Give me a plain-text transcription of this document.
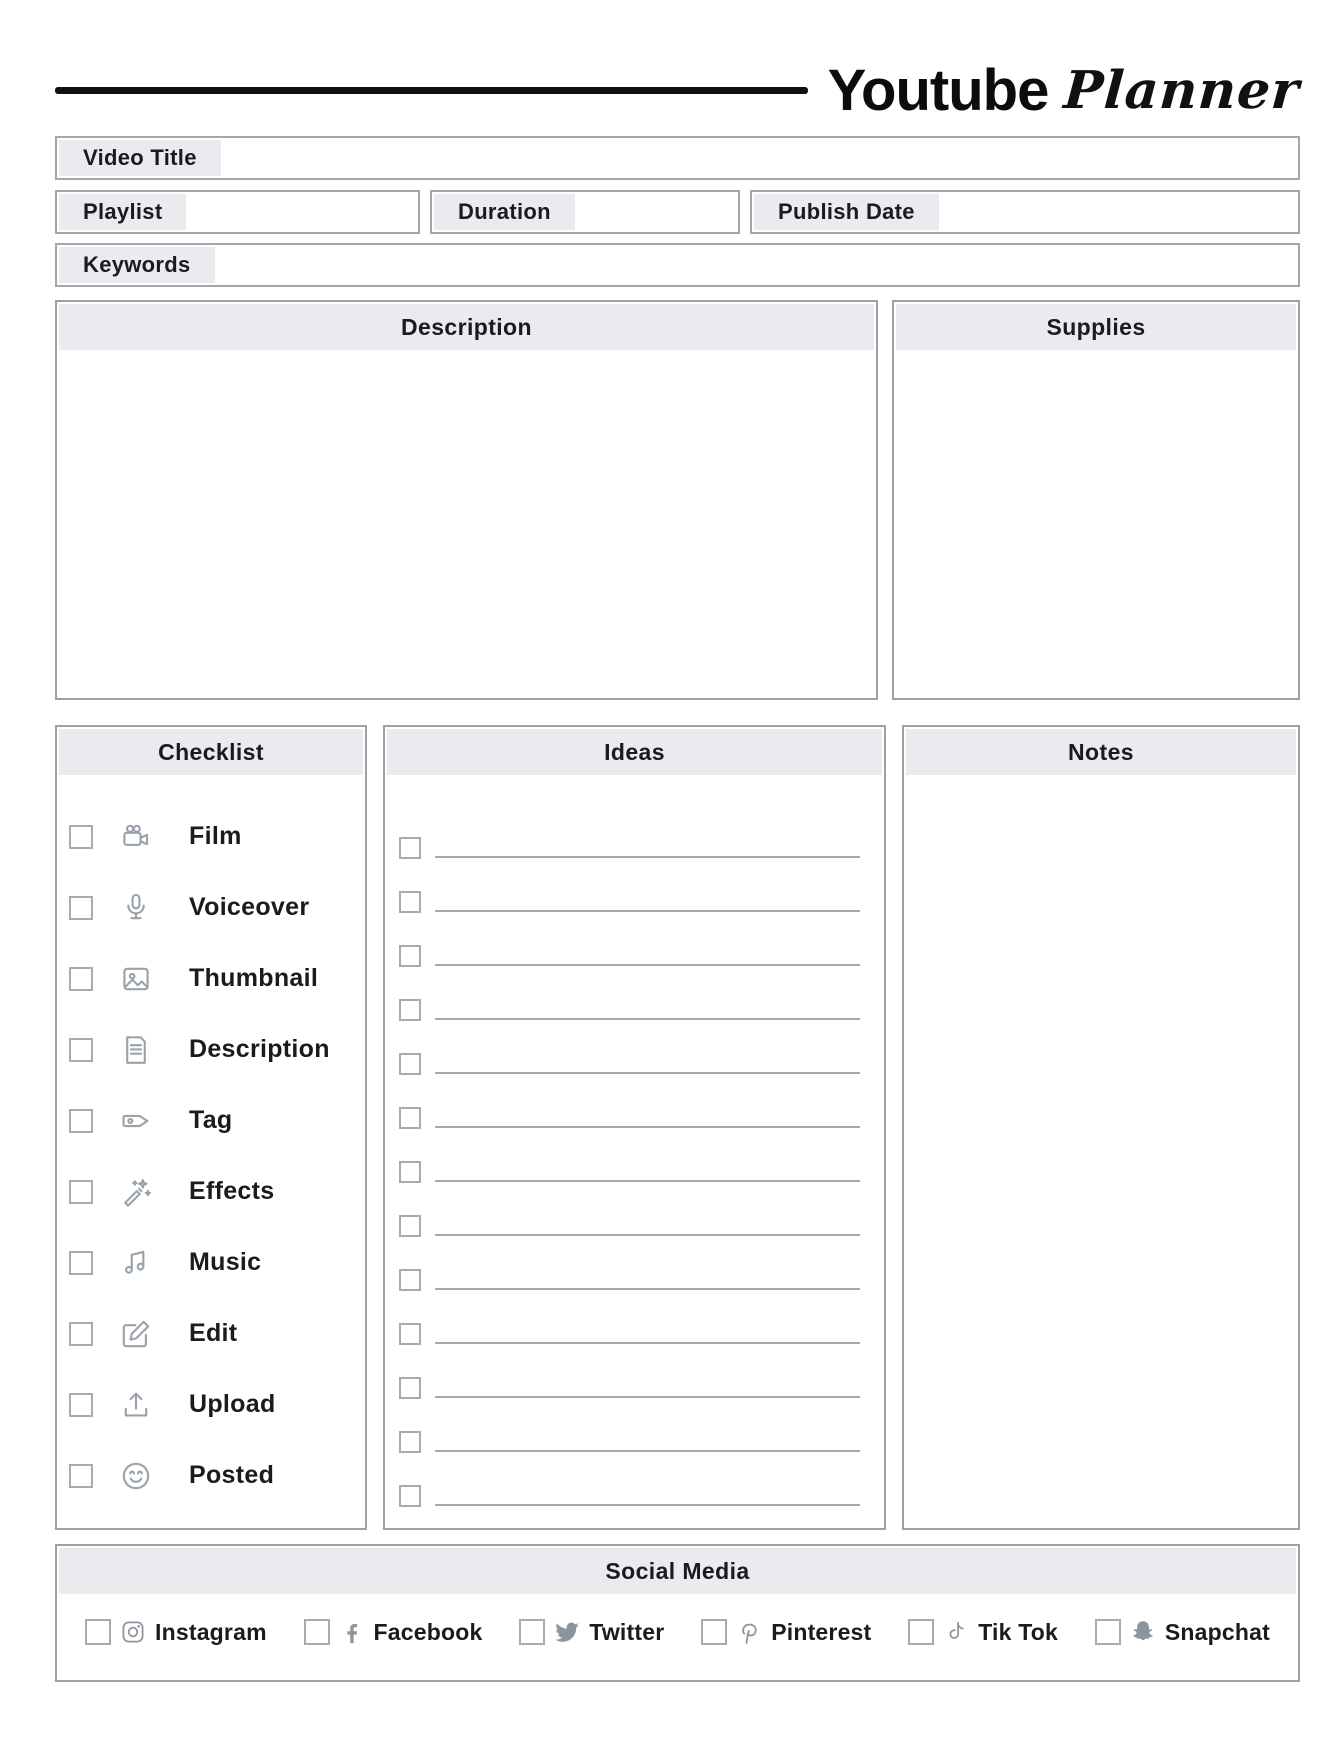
Youtube Planner
Video Title
Playlist	Duration	Publish Date
Keywords
Description	Supplies
Checklist
Film
Voiceover
Thumbnail
Description
Tag
Effects
Music
Edit
Upload
Posted
Ideas	Notes
Social Media
Instagram	Facebook	Twitter	Pinterest	Tik Tok	Snapchat
